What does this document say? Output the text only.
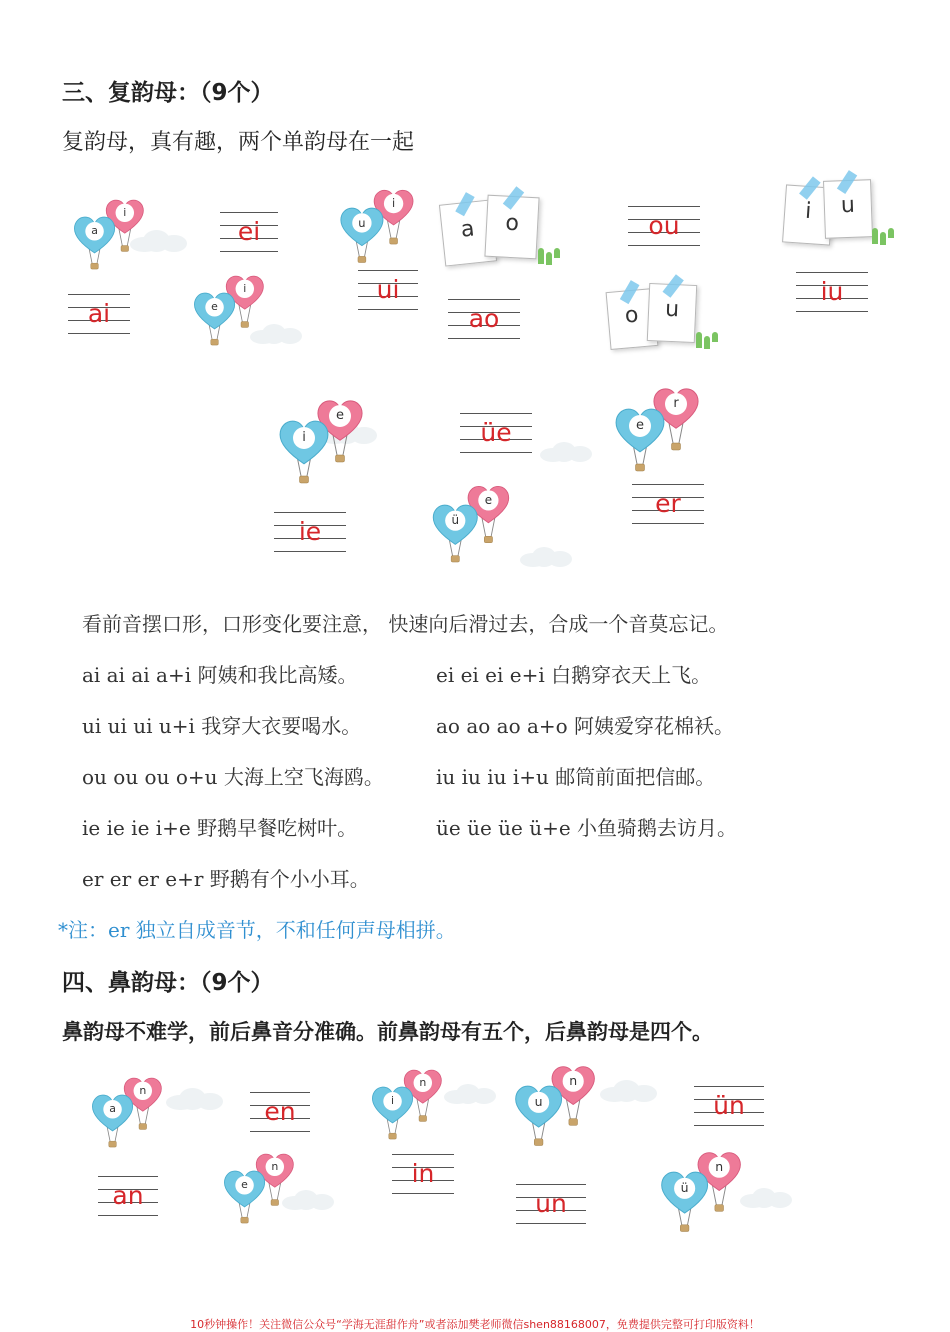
三、复韵母：（9个）
复韵母，真有趣，两个单韵母在一起
a
i
e
i
u
i
i
e
ü
e
e
r
ai
ei
ui
ao
ou
iu
üe
ie
er
a	o
o	u
i	u
看前音摆口形，口形变化要注意， 快速向后滑过去，合成一个音莫忘记。
ai ai ai a+i 阿姨和我比高矮。	ei ei ei e+i 白鹅穿衣天上飞。
ui ui ui u+i 我穿大衣要喝水。	ao ao ao a+o 阿姨爱穿花棉袄。
ou ou ou o+u 大海上空飞海鸥。	iu iu iu i+u 邮筒前面把信邮。
ie ie ie i+e 野鹅早餐吃树叶。	üe üe üe ü+e 小鱼骑鹅去访月。
er er er e+r 野鹅有个小小耳。
*注：er 独立自成音节，不和任何声母相拼。
四、鼻韵母：（9个）
鼻韵母不难学，前后鼻音分准确。前鼻韵母有五个，后鼻韵母是四个。
a
n
e
n
i
n
u
n
ü
n
an
en
in
un
ün
10秒钟操作！关注微信公众号“学海无涯甜作舟”或者添加樊老师微信shen88168007，免费提供完整可打印版资料！
